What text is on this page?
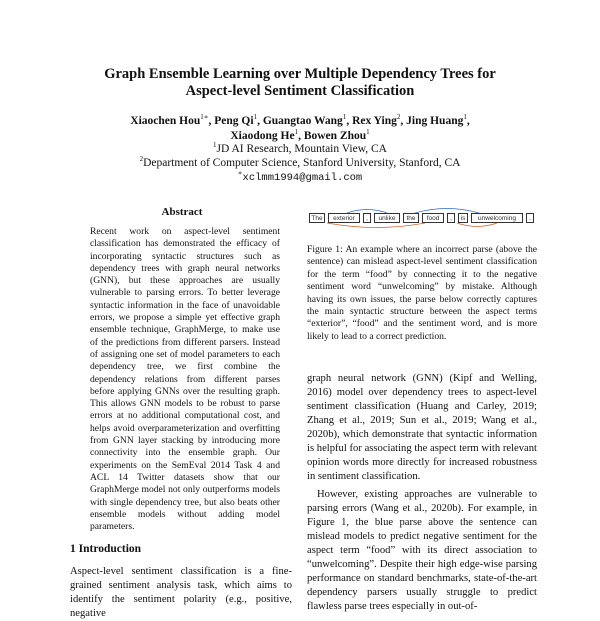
Graph Ensemble Learning over Multiple Dependency Trees for
Aspect-level Sentiment Classification
Xiaochen Hou$^{1∗}$, Peng Qi$^1$, Guangtao Wang$^1$, Rex Ying$^2$, Jing Huang$^1$,
Xiaodong He$^1$, Bowen Zhou$^1$
$^1$JD AI Research, Mountain View, CA
$^2$Department of Computer Science, Stanford University, Stanford, CA
∗xclmm1994@gmail.com
Abstract
Recent work on aspect-level sentiment classification has demonstrated the efficacy of incorporating syntactic structures such as dependency trees with graph neural networks (GNN), but these approaches are usually vulnerable to parsing errors. To better leverage syntactic information in the face of unavoidable errors, we propose a simple yet effective graph ensemble technique, GraphMerge, to make use of the predictions from different parsers. Instead of assigning one set of model parameters to each dependency tree, we first combine the dependency relations from different parses before applying GNNs over the resulting graph. This allows GNN models to be robust to parse errors at no additional computational cost, and helps avoid overparameterization and overfitting from GNN layer stacking by introducing more connectivity into the ensemble graph. Our experiments on the SemEval 2014 Task 4 and ACL 14 Twitter datasets show that our GraphMerge model not only outperforms models with single dependency tree, but also beats other ensemble models without adding model parameters.
1 Introduction
Aspect-level sentiment classification is a fine-grained sentiment analysis task, which aims to identify the sentiment polarity (e.g., positive, negative
The	exterior	,	unlike	the	food	,	is	unwelcoming	.
Figure 1: An example where an incorrect parse (above the sentence) can mislead aspect-level sentiment classification for the term “food” by connecting it to the negative sentiment word “unwelcoming” by mistake. Although having its own issues, the parse below correctly captures the main syntactic structure between the aspect terms “exterior”, “food” and the sentiment word, and is more likely to lead to a correct prediction.

graph neural network (GNN) (Kipf and Welling, 2016) model over dependency trees to aspect-level sentiment classification (Huang and Carley, 2019; Zhang et al., 2019; Sun et al., 2019; Wang et al., 2020b), which demonstrate that syntactic information is helpful for associating the aspect term with relevant opinion words more directly for increased robustness in sentiment classification.

However, existing approaches are vulnerable to parsing errors (Wang et al., 2020b). For example, in Figure 1, the blue parse above the sentence can mislead models to predict negative sentiment for the aspect term “food” with its direct association to “unwelcoming”. Despite their high edge-wise parsing performance on standard benchmarks, state-of-the-art dependency parsers usually struggle to predict flawless parse trees especially in out-of-
